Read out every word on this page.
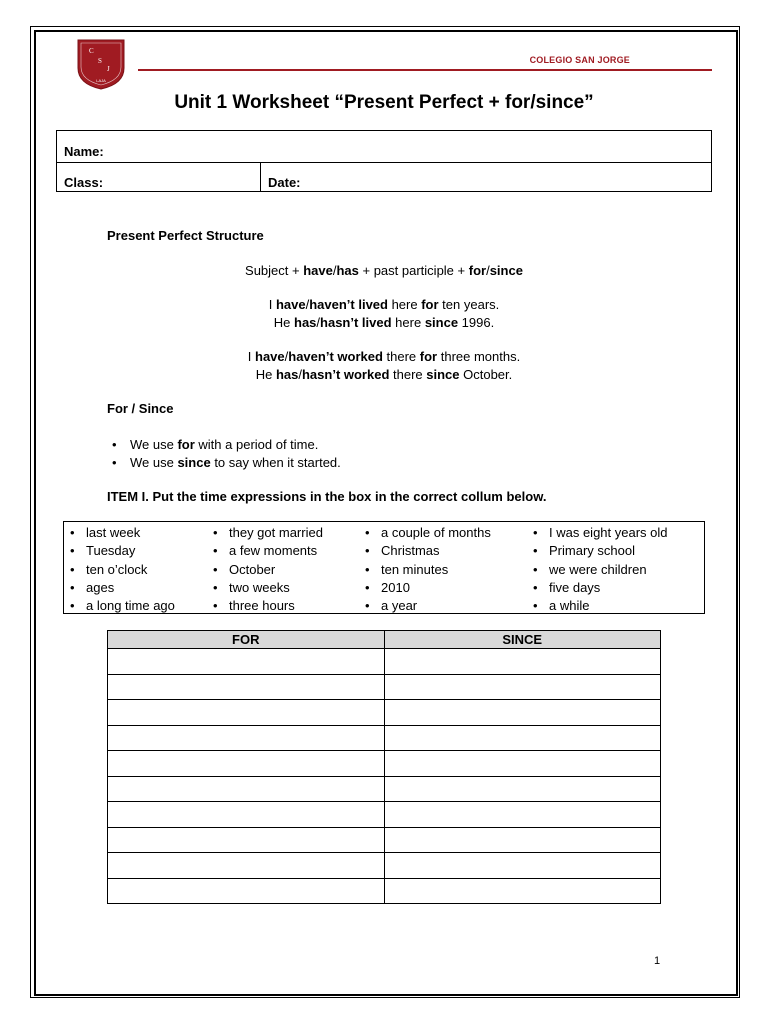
C
S
J
LAJA
COLEGIO SAN JORGE
Unit 1 Worksheet “Present Perfect + for/since”
Name:
Class:	Date:
Present Perfect Structure
Subject + have/has + past participle + for/since
I have/haven’t lived here for ten years.
He has/hasn’t lived here since 1996.
I have/haven’t worked there for three months.
He has/hasn’t worked there since October.
For / Since
• We use for with a period of time.
• We use since to say when it started.
ITEM I. Put the time expressions in the box in the correct collum below.
• last week
• Tuesday
• ten o’clock
• ages
• a long time ago
• they got married
• a few moments
• October
• two weeks
• three hours
• a couple of months
• Christmas
• ten minutes
• 2010
• a year
• I was eight years old
• Primary school
• we were children
• five days
• a while
FOR	SINCE

1
